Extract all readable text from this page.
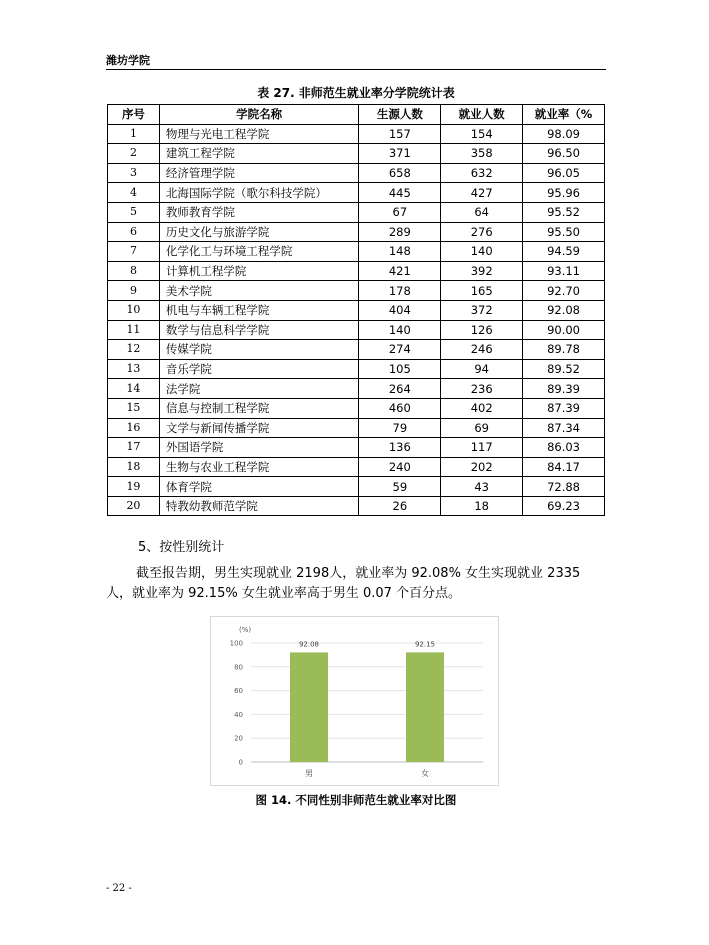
潍坊学院
表 27. 非师范生就业率分学院统计表
序号	学院名称	生源人数	就业人数	就业率（%
1	物理与光电工程学院	157	154	98.09
2	建筑工程学院	371	358	96.50
3	经济管理学院	658	632	96.05
4	北海国际学院（歌尔科技学院）	445	427	95.96
5	教师教育学院	67	64	95.52
6	历史文化与旅游学院	289	276	95.50
7	化学化工与环境工程学院	148	140	94.59
8	计算机工程学院	421	392	93.11
9	美术学院	178	165	92.70
10	机电与车辆工程学院	404	372	92.08
11	数学与信息科学学院	140	126	90.00
12	传媒学院	274	246	89.78
13	音乐学院	105	94	89.52
14	法学院	264	236	89.39
15	信息与控制工程学院	460	402	87.39
16	文学与新闻传播学院	79	69	87.34
17	外国语学院	136	117	86.03
18	生物与农业工程学院	240	202	84.17
19	体育学院	59	43	72.88
20	特教幼教师范学院	26	18	69.23
5、按性别统计
截至报告期，男生实现就业 2198人，就业率为 92.08% 女生实现就业 2335人，就业率为 92.15% 女生就业率高于男生 0.07 个百分点。
(%)
0
20
40
60
80
100	92.08
男
92.15
女
图 14. 不同性别非师范生就业率对比图
- 22 -
